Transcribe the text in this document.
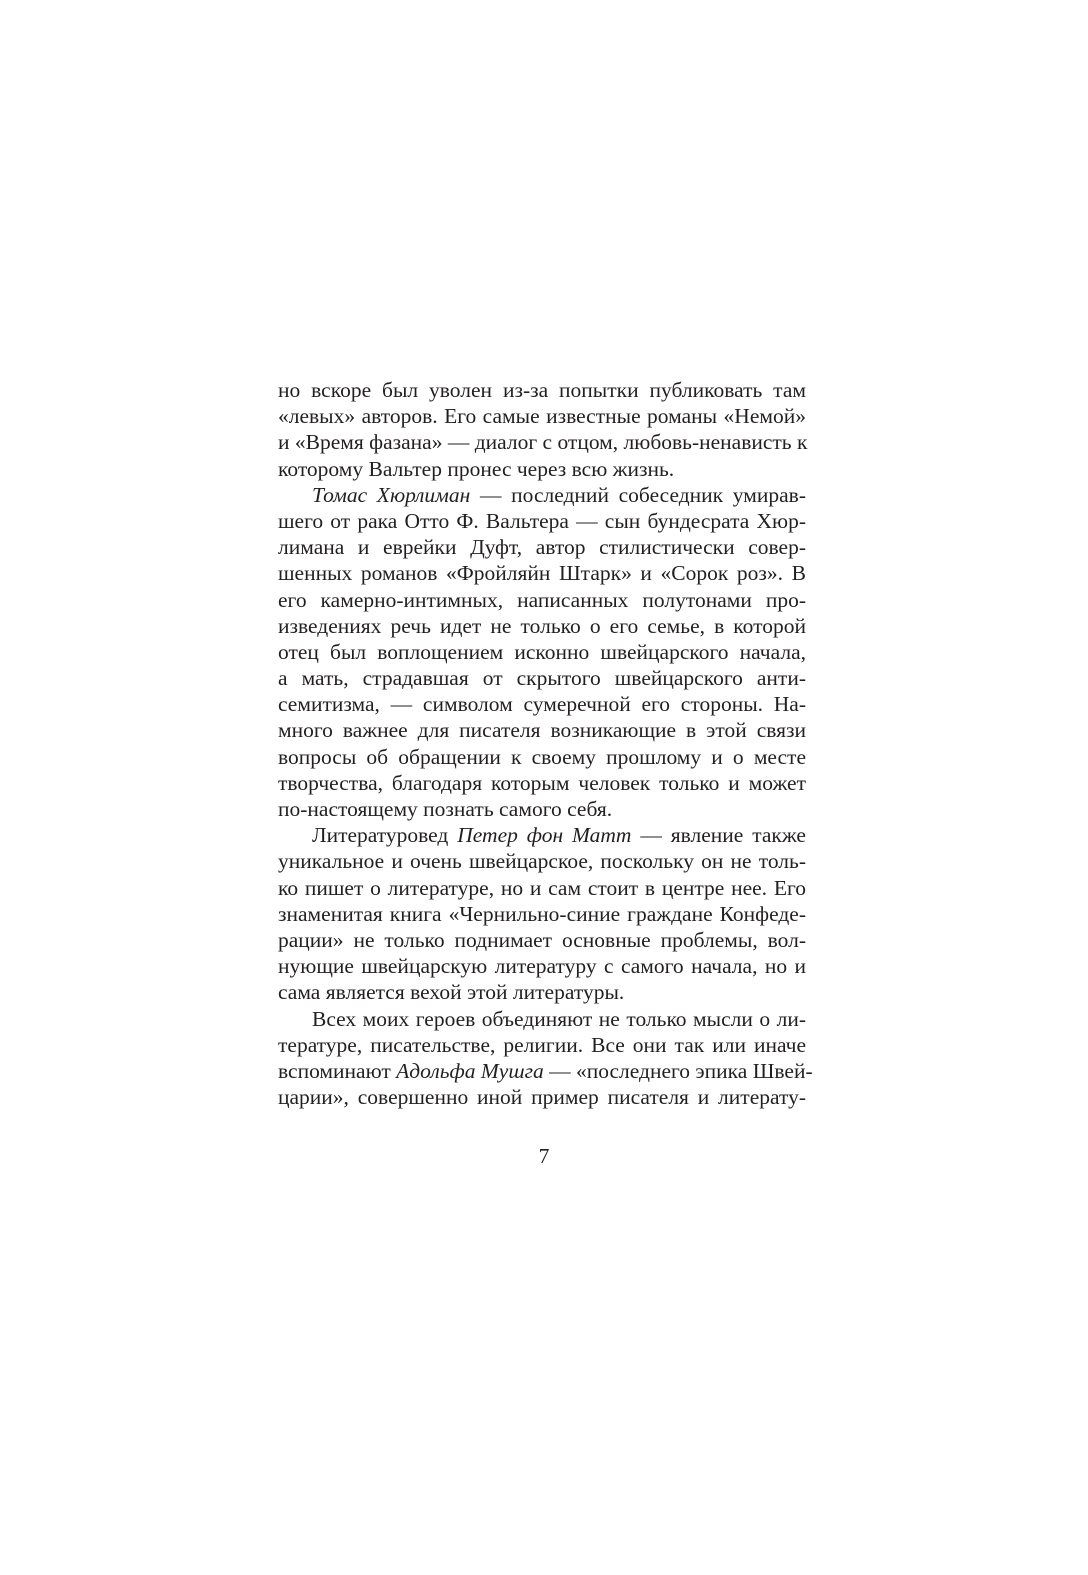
но вскоре был уволен из-за попытки публиковать там
«левых» авторов. Его самые известные романы «Немой»
и «Время фазана» — диалог с отцом, любовь-ненависть к
которому Вальтер пронес через всю жизнь.
Томас Хюрлиман — последний собеседник умирав-
шего от рака Отто Ф. Вальтера — сын бундесрата Хюр-
лимана и еврейки Дуфт, автор стилистически совер-
шенных романов «Фройляйн Штарк» и «Сорок роз». В
его камерно-интимных, написанных полутонами про-
изведениях речь идет не только о его семье, в которой
отец был воплощением исконно швейцарского начала,
а мать, страдавшая от скрытого швейцарского анти-
семитизма, — символом сумеречной его стороны. На-
много важнее для писателя возникающие в этой связи
вопросы об обращении к своему прошлому и о месте
творчества, благодаря которым человек только и может
по-настоящему познать самого себя.
Литературовед Петер фон Матт — явление также
уникальное и очень швейцарское, поскольку он не толь-
ко пишет о литературе, но и сам стоит в центре нее. Его
знаменитая книга «Чернильно-синие граждане Конфеде-
рации» не только поднимает основные проблемы, вол-
нующие швейцарскую литературу с самого начала, но и
сама является вехой этой литературы.
Всех моих героев объединяют не только мысли о ли-
тературе, писательстве, религии. Все они так или иначе
вспоминают Адольфа Мушга — «последнего эпика Швей-
царии», совершенно иной пример писателя и литерату-
7
